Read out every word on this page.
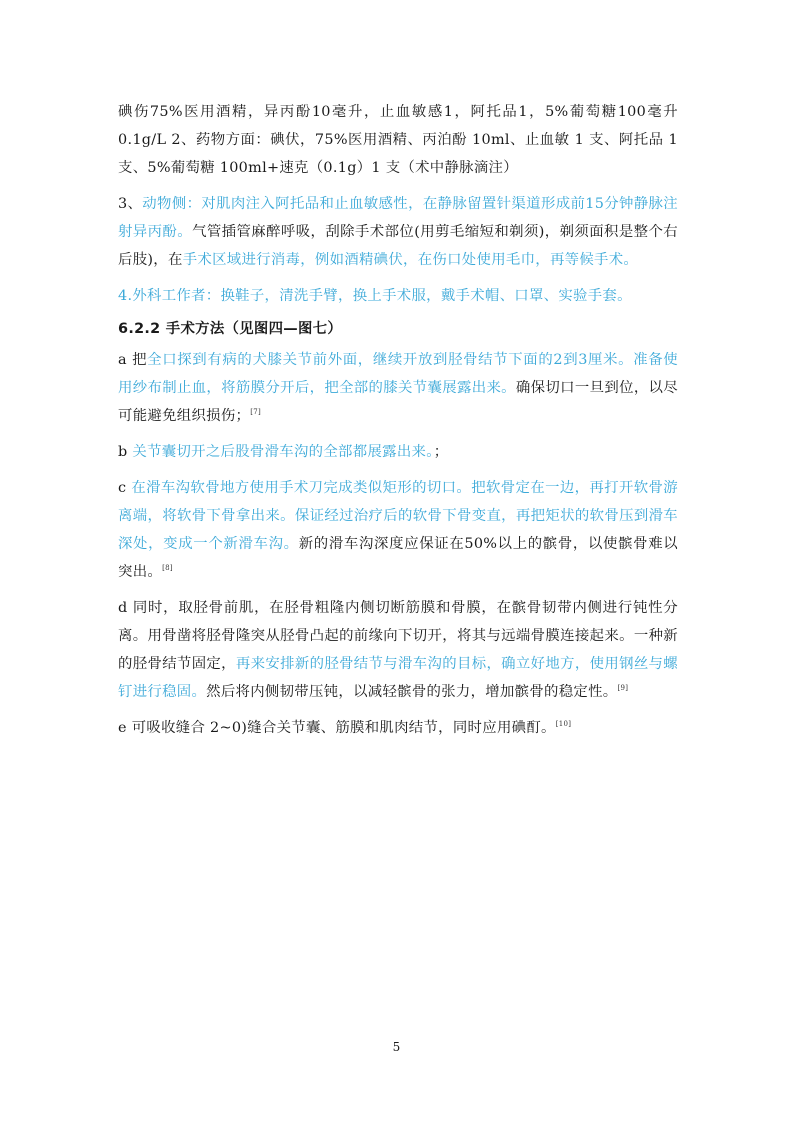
碘伤75%医用酒精，异丙酚10毫升，止血敏感1，阿托品1，5%葡萄糖100毫升0.1g/L 2、药物方面：碘伏，75%医用酒精、丙泊酚 10ml、止血敏 1 支、阿托品 1支、5%葡萄糖 100ml+速克（0.1g）1 支（术中静脉滴注）

3、动物侧：对肌肉注入阿托品和止血敏感性，在静脉留置针渠道形成前15分钟静脉注射异丙酚。气管插管麻醉呼吸，刮除手术部位(用剪毛缩短和剃须)，剃须面积是整个右后肢)，在手术区域进行消毒，例如酒精碘伏，在伤口处使用毛巾，再等候手术。

4.外科工作者：换鞋子，清洗手臂，换上手术服，戴手术帽、口罩、实验手套。

6.2.2 手术方法（见图四—图七）

a 把全口探到有病的犬膝关节前外面，继续开放到胫骨结节下面的2到3厘米。准备使用纱布制止血，将筋膜分开后，把全部的膝关节囊展露出来。确保切口一旦到位，以尽可能避免组织损伤；[7]

b 关节囊切开之后股骨滑车沟的全部都展露出来。；

c 在滑车沟软骨地方使用手术刀完成类似矩形的切口。把软骨定在一边，再打开软骨游离端，将软骨下骨拿出来。保证经过治疗后的软骨下骨变直，再把矩状的软骨压到滑车深处，变成一个新滑车沟。新的滑车沟深度应保证在50%以上的髌骨，以使髌骨难以突出。[8]

d 同时，取胫骨前肌，在胫骨粗隆内侧切断筋膜和骨膜，在髌骨韧带内侧进行钝性分离。用骨凿将胫骨隆突从胫骨凸起的前缘向下切开，将其与远端骨膜连接起来。一种新的胫骨结节固定，再来安排新的胫骨结节与滑车沟的目标，确立好地方，使用钢丝与螺钉进行稳固。然后将内侧韧带压钝，以减轻髌骨的张力，增加髌骨的稳定性。[9]

e 可吸收缝合 2~0)缝合关节囊、筋膜和肌肉结节，同时应用碘酊。[10]

5
